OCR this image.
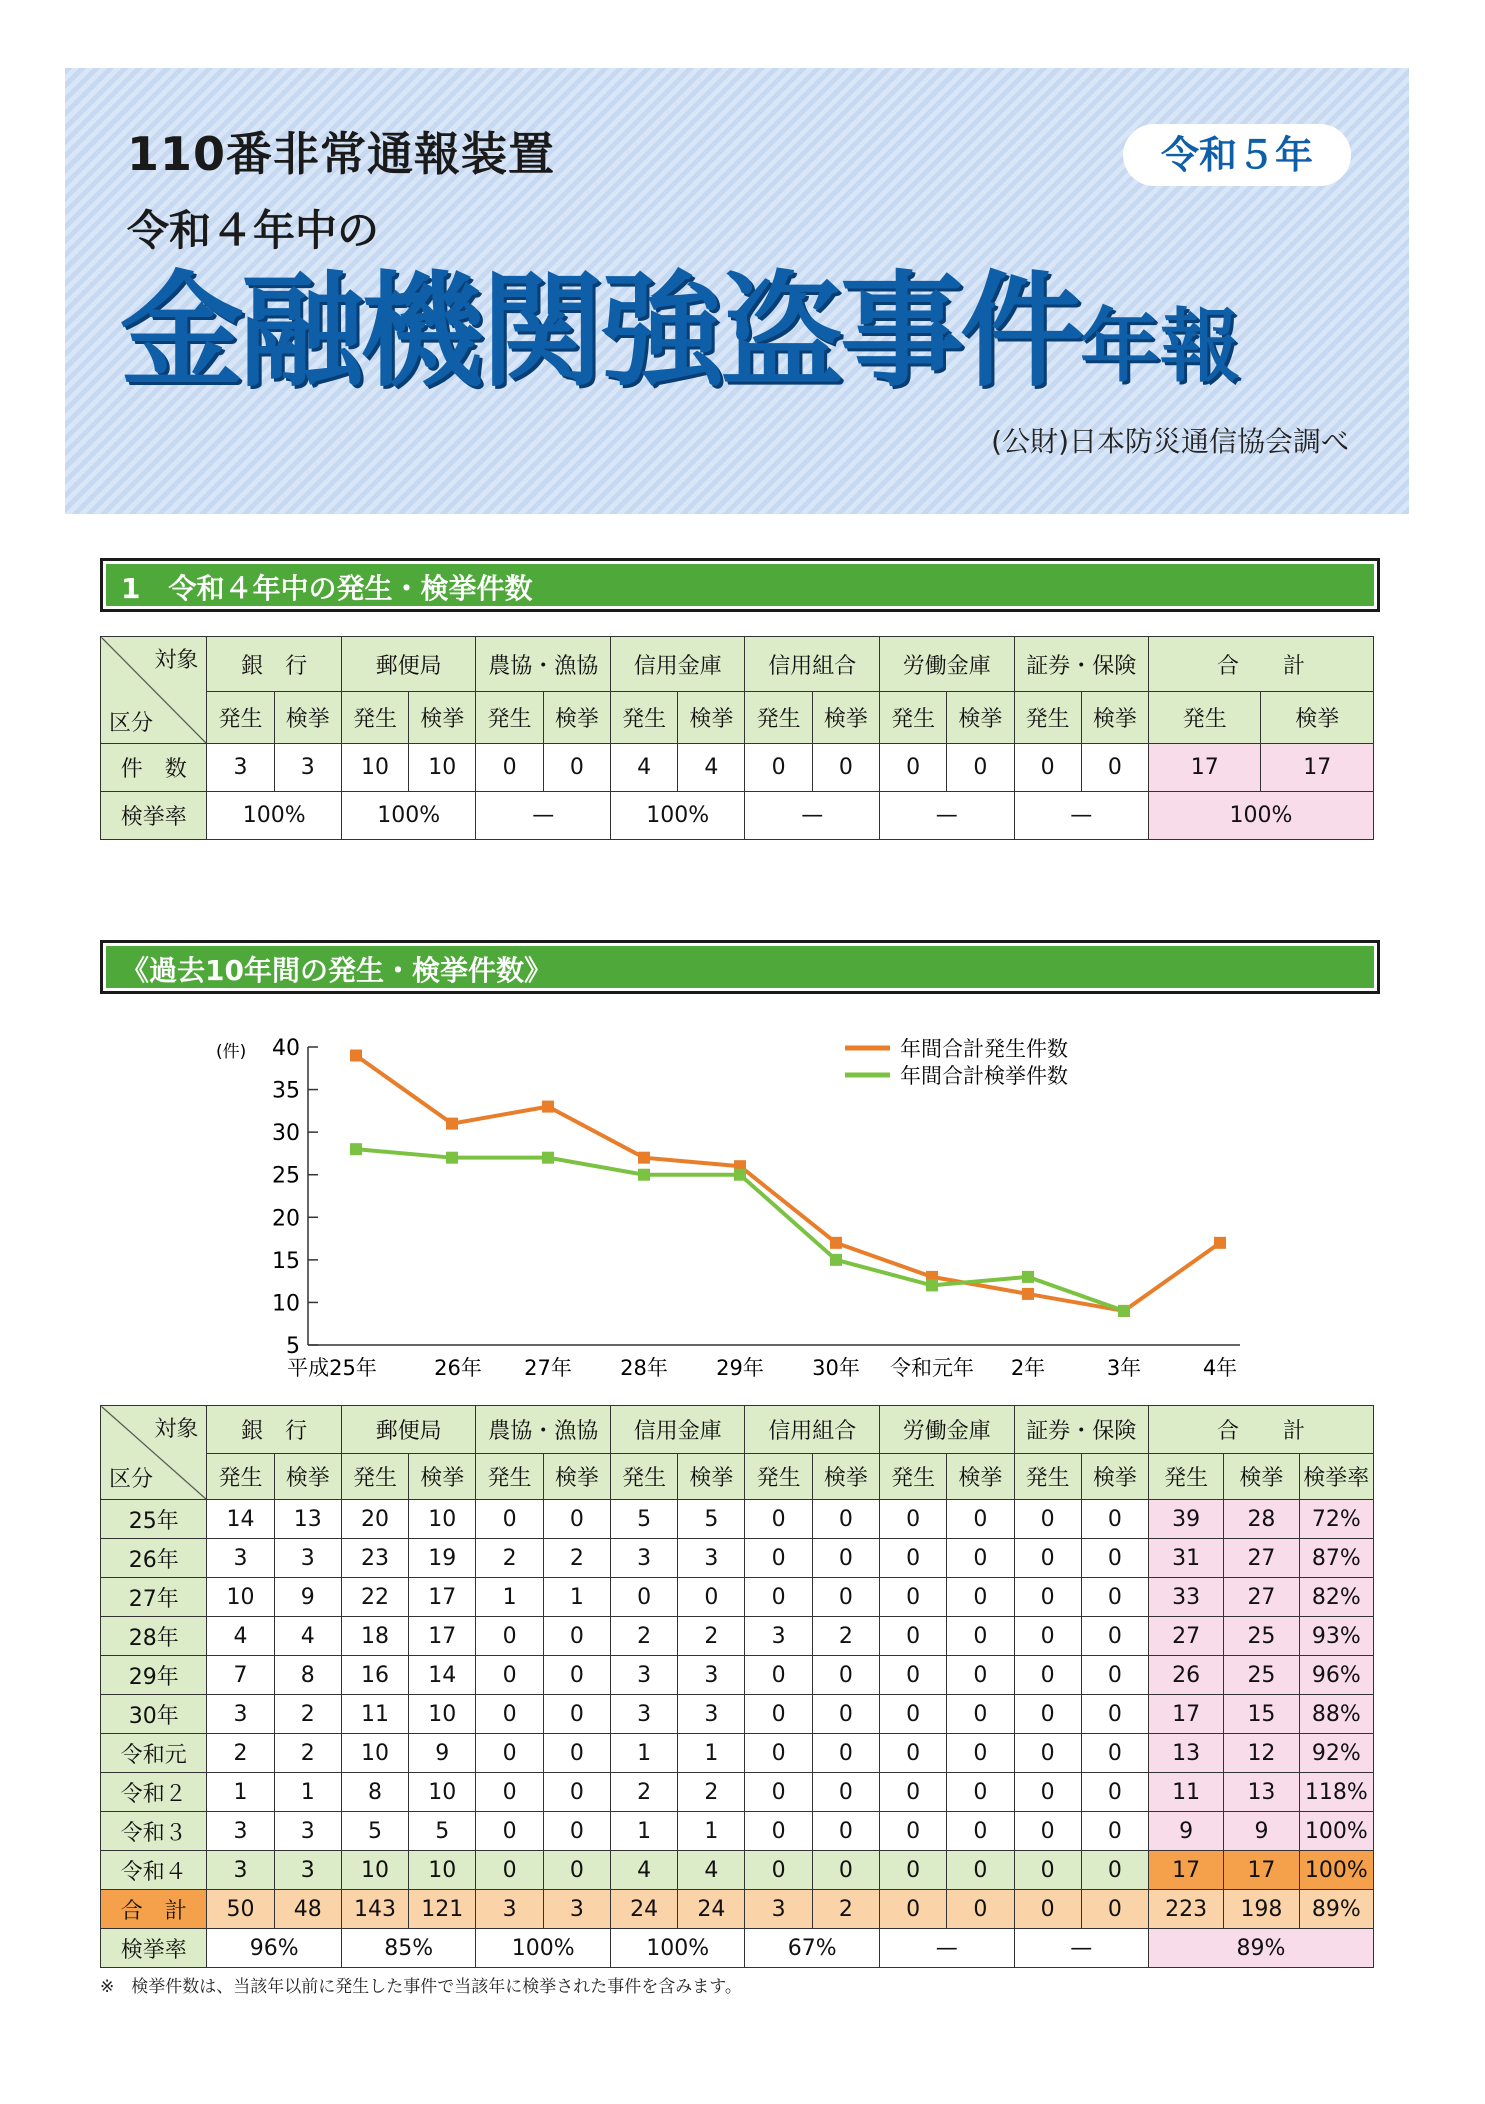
110番非常通報装置
令和４年中の
金融機関強盗事件年報
令和５年
(公財)日本防災通信協会調べ
1　令和４年中の発生・検挙件数
対象
区分	銀　行		郵便局		農協・漁協		信用金庫		信用組合		労働金庫		証券・保険		合　　計	
	発生	検挙	発生	検挙	発生	検挙	発生	検挙	発生	検挙	発生	検挙	発生	検挙	発生	検挙
件　数	3	3	10	10	0	0	4	4	0	0	0	0	0	0	17	17
検挙率	100%		100%		—		100%		—		—		—		100%	
《過去10年間の発生・検挙件数》
5
10
15
20
25
30
35
40
(件)
平成25年	26年 27年 28年 29年 30年 令和元年 2年	3年	4年
年間合計発生件数
年間合計検挙件数
対象
区分	銀　行		郵便局		農協・漁協		信用金庫		信用組合		労働金庫		証券・保険		合　　計		
	発生	検挙	発生	検挙	発生	検挙	発生	検挙	発生	検挙	発生	検挙	発生	検挙	発生	検挙	検挙率
25年	14	13	20	10	0	0	5	5	0	0	0	0	0	0	39	28	72%
26年	3	3	23	19	2	2	3	3	0	0	0	0	0	0	31	27	87%
27年	10	9	22	17	1	1	0	0	0	0	0	0	0	0	33	27	82%
28年	4	4	18	17	0	0	2	2	3	2	0	0	0	0	27	25	93%
29年	7	8	16	14	0	0	3	3	0	0	0	0	0	0	26	25	96%
30年	3	2	11	10	0	0	3	3	0	0	0	0	0	0	17	15	88%
令和元	2	2	10	9	0	0	1	1	0	0	0	0	0	0	13	12	92%
令和２	1	1	8	10	0	0	2	2	0	0	0	0	0	0	11	13	118%
令和３	3	3	5	5	0	0	1	1	0	0	0	0	0	0	9	9	100%
令和４	3	3	10	10	0	0	4	4	0	0	0	0	0	0	17	17	100%
合　計	50	48	143	121	3	3	24	24	3	2	0	0	0	0	223	198	89%
検挙率	96%		85%		100%		100%		67%		—		—		89%		
※　検挙件数は、当該年以前に発生した事件で当該年に検挙された事件を含みます。
